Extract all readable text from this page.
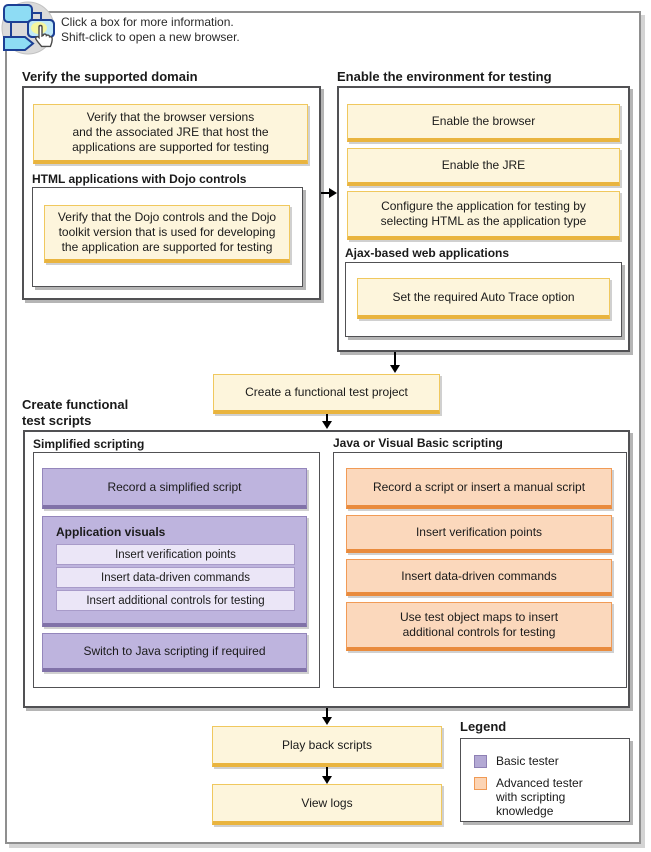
Click a box for more information.
Shift-click to open a new browser.
Verify the supported domain
Verify that the browser versions
and the associated JRE that host the
applications are supported for testing
HTML applications with Dojo controls
Verify that the Dojo controls and the Dojo
toolkit version that is used for developing
the application are supported for testing
Enable the environment for testing
Enable the browser
Enable the JRE
Configure the application for testing by
selecting HTML as the application type
Ajax-based web applications
Set the required Auto Trace option
Create a functional test project
Create functional
test scripts
Simplified scripting
Record a simplified script
Application visuals
Insert verification points
Insert data-driven commands
Insert additional controls for testing
Switch to Java scripting if required
Java or Visual Basic scripting
Record a script or insert a manual script
Insert verification points
Insert data-driven commands
Use test object maps to insert
additional controls for testing
Play back scripts
View logs
Legend
Basic tester
Advanced tester
with scripting
knowledge
